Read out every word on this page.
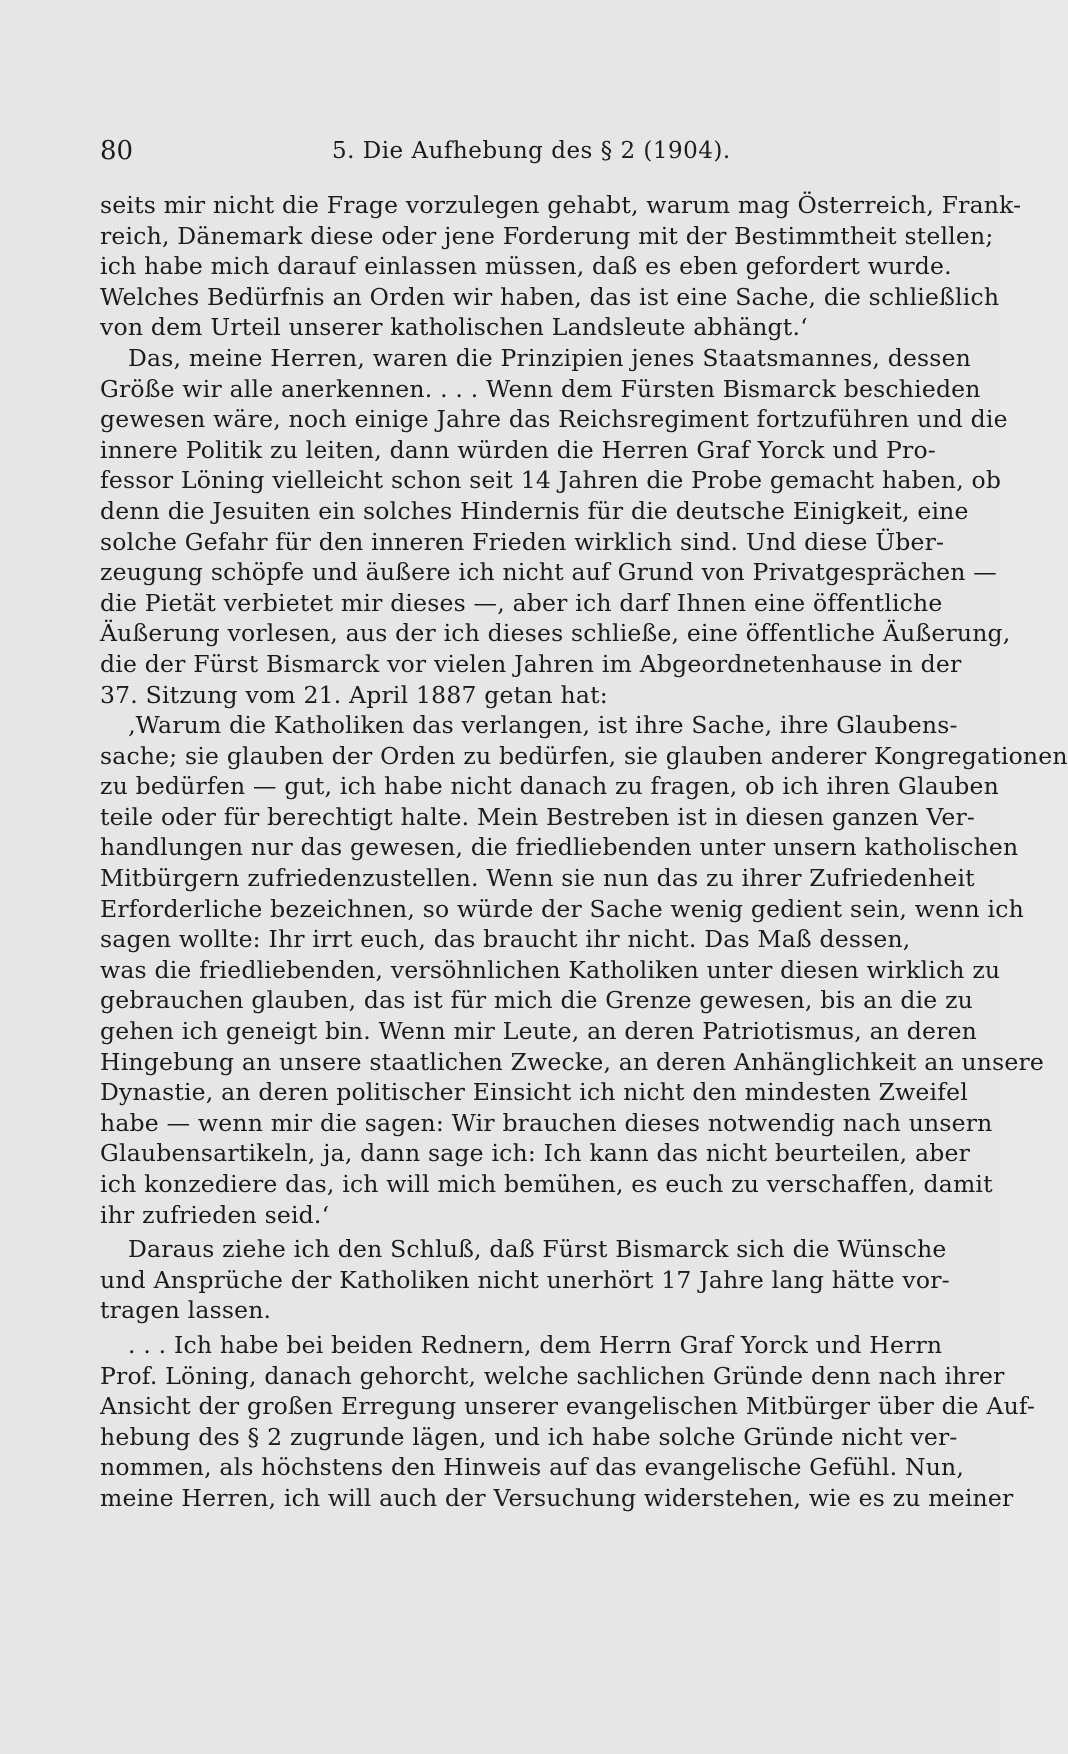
80	5. Die Aufhebung des § 2 (1904).
seits mir nicht die Frage vorzulegen gehabt, warum mag Österreich, Frank-
reich, Dänemark diese oder jene Forderung mit der Bestimmtheit stellen;
ich habe mich darauf einlassen müssen, daß es eben gefordert wurde.
Welches Bedürfnis an Orden wir haben, das ist eine Sache, die schließlich
von dem Urteil unserer katholischen Landsleute abhängt.‘
Das, meine Herren, waren die Prinzipien jenes Staatsmannes, dessen
Größe wir alle anerkennen. . . . Wenn dem Fürsten Bismarck beschieden
gewesen wäre, noch einige Jahre das Reichsregiment fortzuführen und die
innere Politik zu leiten, dann würden die Herren Graf Yorck und Pro-
fessor Löning vielleicht schon seit 14 Jahren die Probe gemacht haben, ob
denn die Jesuiten ein solches Hindernis für die deutsche Einigkeit, eine
solche Gefahr für den inneren Frieden wirklich sind. Und diese Über-
zeugung schöpfe und äußere ich nicht auf Grund von Privatgesprächen —
die Pietät verbietet mir dieses —, aber ich darf Ihnen eine öffentliche
Äußerung vorlesen, aus der ich dieses schließe, eine öffentliche Äußerung,
die der Fürst Bismarck vor vielen Jahren im Abgeordnetenhause in der
37. Sitzung vom 21. April 1887 getan hat:
‚Warum die Katholiken das verlangen, ist ihre Sache, ihre Glaubens-
sache; sie glauben der Orden zu bedürfen, sie glauben anderer Kongregationen
zu bedürfen — gut, ich habe nicht danach zu fragen, ob ich ihren Glauben
teile oder für berechtigt halte. Mein Bestreben ist in diesen ganzen Ver-
handlungen nur das gewesen, die friedliebenden unter unsern katholischen
Mitbürgern zufriedenzustellen. Wenn sie nun das zu ihrer Zufriedenheit
Erforderliche bezeichnen, so würde der Sache wenig gedient sein, wenn ich
sagen wollte: Ihr irrt euch, das braucht ihr nicht. Das Maß dessen,
was die friedliebenden, versöhnlichen Katholiken unter diesen wirklich zu
gebrauchen glauben, das ist für mich die Grenze gewesen, bis an die zu
gehen ich geneigt bin. Wenn mir Leute, an deren Patriotismus, an deren
Hingebung an unsere staatlichen Zwecke, an deren Anhänglichkeit an unsere
Dynastie, an deren politischer Einsicht ich nicht den mindesten Zweifel
habe — wenn mir die sagen: Wir brauchen dieses notwendig nach unsern
Glaubensartikeln, ja, dann sage ich: Ich kann das nicht beurteilen, aber
ich konzediere das, ich will mich bemühen, es euch zu verschaffen, damit
ihr zufrieden seid.‘
Daraus ziehe ich den Schluß, daß Fürst Bismarck sich die Wünsche
und Ansprüche der Katholiken nicht unerhört 17 Jahre lang hätte vor-
tragen lassen.
. . . Ich habe bei beiden Rednern, dem Herrn Graf Yorck und Herrn
Prof. Löning, danach gehorcht, welche sachlichen Gründe denn nach ihrer
Ansicht der großen Erregung unserer evangelischen Mitbürger über die Auf-
hebung des § 2 zugrunde lägen, und ich habe solche Gründe nicht ver-
nommen, als höchstens den Hinweis auf das evangelische Gefühl. Nun,
meine Herren, ich will auch der Versuchung widerstehen, wie es zu meiner
